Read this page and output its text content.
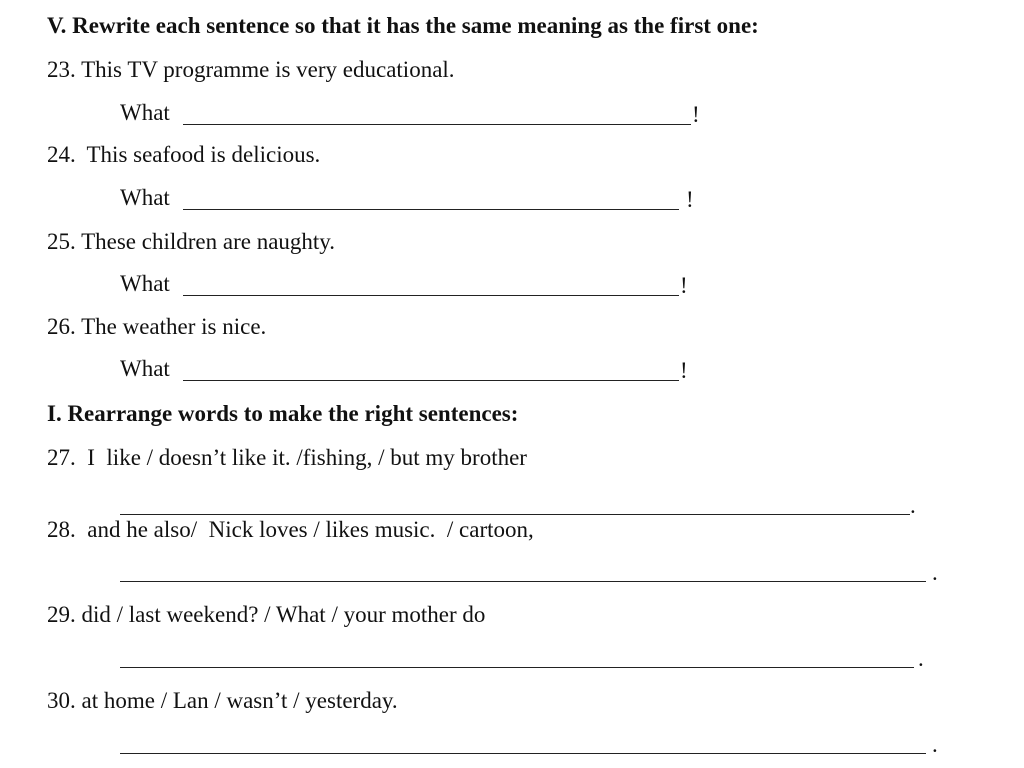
V. Rewrite each sentence so that it has the same meaning as the first one:
23. This TV programme is very educational.
What	!
24. This seafood is delicious.
What	!
25. These children are naughty.
What	!
26. The weather is nice.
What	!
I. Rearrange words to make the right sentences:
27. I  like / doesn’t like it. /fishing, / but my brother
.
28. and he also/  Nick loves / likes music.  / cartoon,
.
29. did / last weekend? / What / your mother do
.
30. at home / Lan / wasn’t / yesterday.
.
